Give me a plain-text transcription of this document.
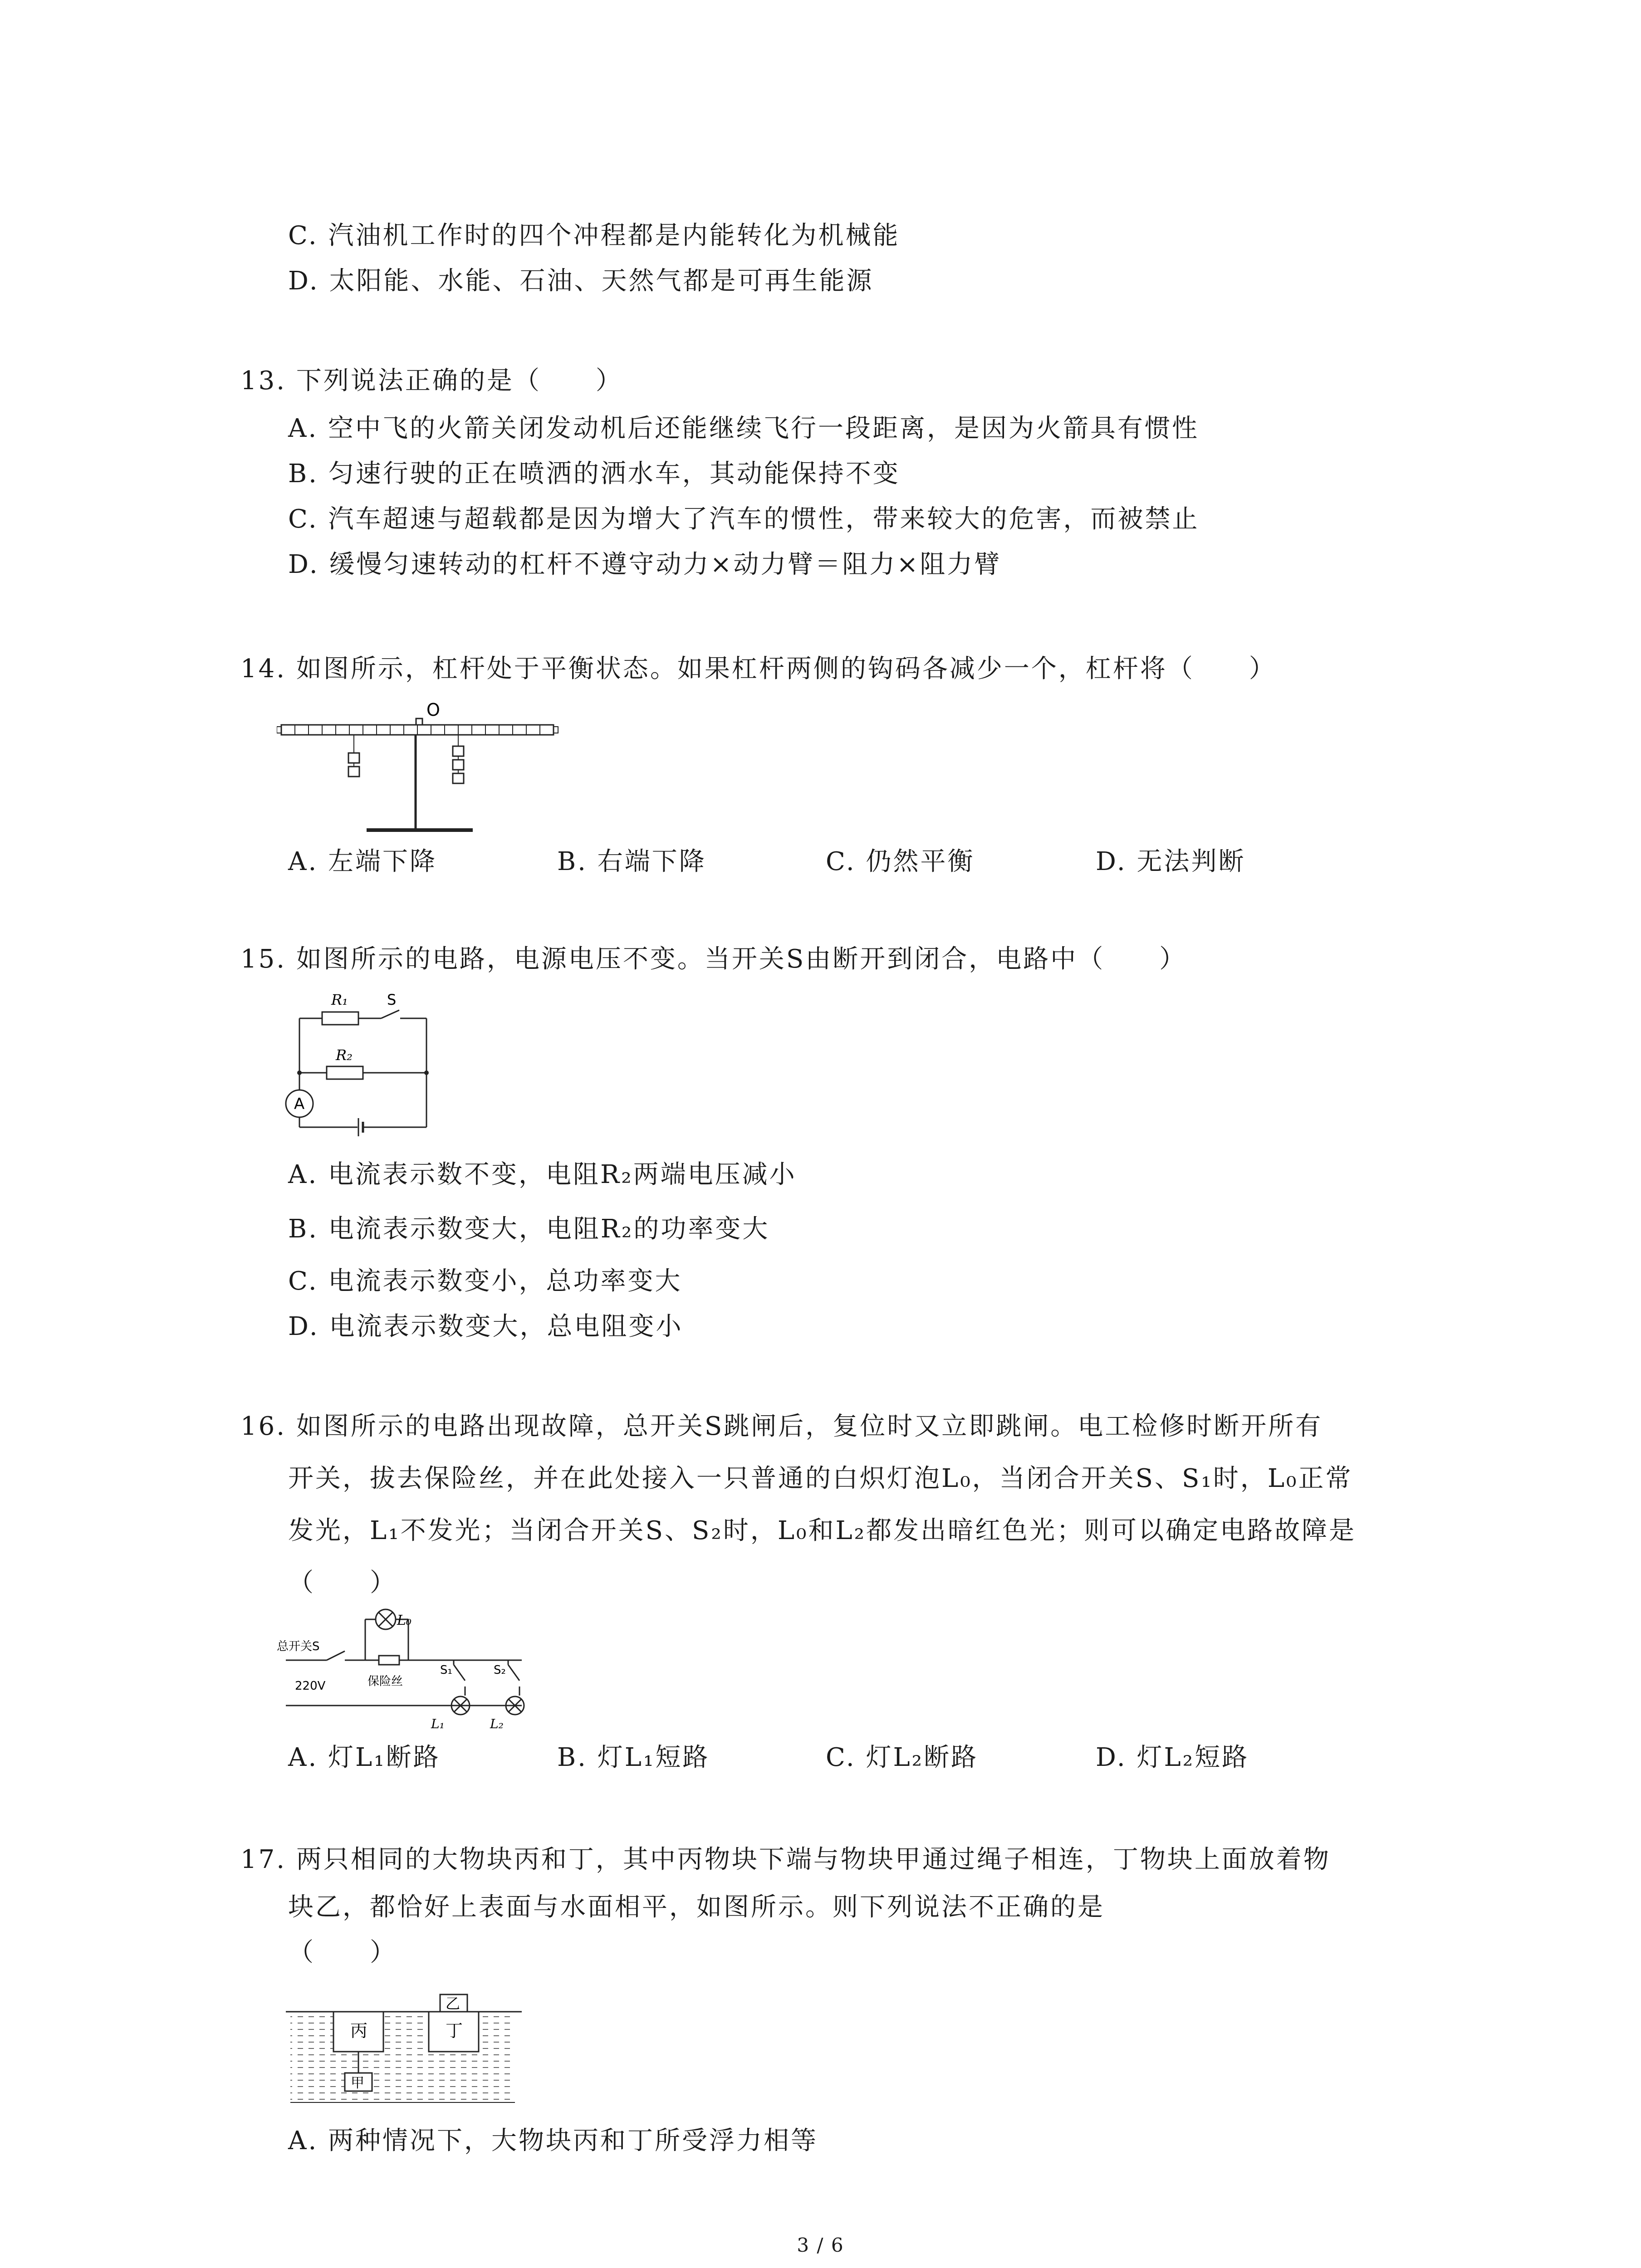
C. 汽油机工作时的四个冲程都是内能转化为机械能
D. 太阳能、水能、石油、天然气都是可再生能源
13. 下列说法正确的是（　　）
A. 空中飞的火箭关闭发动机后还能继续飞行一段距离，是因为火箭具有惯性
B. 匀速行驶的正在喷洒的洒水车，其动能保持不变
C. 汽车超速与超载都是因为增大了汽车的惯性，带来较大的危害，而被禁止
D. 缓慢匀速转动的杠杆不遵守动力×动力臂＝阻力×阻力臂
14. 如图所示，杠杆处于平衡状态。如果杠杆两侧的钩码各减少一个，杠杆将（　　）
O
A. 左端下降	B. 右端下降	C. 仍然平衡	D. 无法判断
15. 如图所示的电路，电源电压不变。当开关S由断开到闭合，电路中（　　）
R₁	S
R₂
A
A. 电流表示数不变，电阻R₂两端电压减小
B. 电流表示数变大，电阻R₂的功率变大
C. 电流表示数变小，总功率变大
D. 电流表示数变大，总电阻变小
16. 如图所示的电路出现故障，总开关S跳闸后，复位时又立即跳闸。电工检修时断开所有
开关，拔去保险丝，并在此处接入一只普通的白炽灯泡L₀，当闭合开关S、S₁时，L₀正常
发光，L₁不发光；当闭合开关S、S₂时，L₀和L₂都发出暗红色光；则可以确定电路故障是
（　　）
L₀
总开关S
保险丝
220V
S₁	S₂
L₁	L₂
A. 灯L₁断路	B. 灯L₁短路	C. 灯L₂断路	D. 灯L₂短路
17. 两只相同的大物块丙和丁，其中丙物块下端与物块甲通过绳子相连，丁物块上面放着物
块乙，都恰好上表面与水面相平，如图所示。则下列说法不正确的是
（　　）
丙	丁
乙
甲
A. 两种情况下，大物块丙和丁所受浮力相等
3 / 6
